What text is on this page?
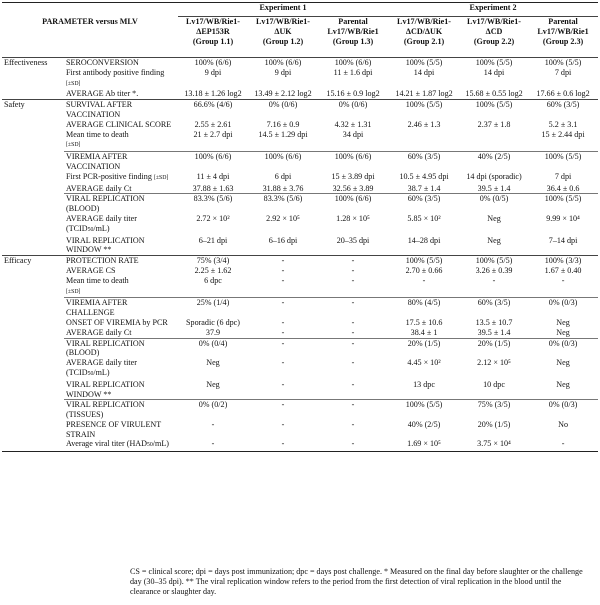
		Experiment 1			Experiment 2		
PARAMETER versus MLV		Lv17/WB/Rie1-
ΔEP153R
(Group 1.1)	Lv17/WB/Rie1-
ΔUK
(Group 1.2)	Parental
Lv17/WB/Rie1
(Group 1.3)	Lv17/WB/Rie1-
ΔCD/ΔUK
(Group 2.1)	Lv17/WB/Rie1-
ΔCD
(Group 2.2)	Parental
Lv17/WB/Rie1
(Group 2.3)
Effectiveness	SEROCONVERSION	100% (6/6)	100% (6/6)	100% (6/6)	100% (5/5)	100% (5/5)	100% (5/5)
	First antibody positive finding [±SD]	9 dpi	9 dpi	11 ± 1.6 dpi	14 dpi	14 dpi	7 dpi
	AVERAGE Ab titer *.	13.18 ± 1.26 log2	13.49 ± 2.12 log2	15.16 ± 0.9 log2	14.21 ± 1.87 log2	15.68 ± 0.55 log2	17.66 ± 0.6 log2
Safety	SURVIVAL AFTER VACCINATION	66.6% (4/6)	0% (0/6)	0% (0/6)	100% (5/5)	100% (5/5)	60% (3/5)
	AVERAGE CLINICAL SCORE	2.55 ± 2.61	7.16 ± 0.9	4.32 ± 1.31	2.46 ± 1.3	2.37 ± 1.8	5.2 ± 3.1
	Mean time to death
[±SD]	21 ± 2.7 dpi	14.5 ± 1.29 dpi	34 dpi			15 ± 2.44 dpi
	VIREMIA AFTER VACCINATION	100% (6/6)	100% (6/6)	100% (6/6)	60% (3/5)	40% (2/5)	100% (5/5)
	First PCR-positive finding [±SD]	11 ± 4 dpi	6 dpi	15 ± 3.89 dpi	10.5 ± 4.95 dpi	14 dpi (sporadic)	7 dpi
	AVERAGE daily Ct	37.88 ± 1.63	31.88 ± 3.76	32.56 ± 3.89	38.7 ± 1.4	39.5 ± 1.4	36.4 ± 0.6
	VIRAL REPLICATION (BLOOD)	83.3% (5/6)	83.3% (5/6)	100% (6/6)	60% (3/5)	0% (0/5)	100% (5/5)
	AVERAGE daily titer (TCID50/mL)	2.72 × 10²	2.92 × 10⁵	1.28 × 10⁵	5.85 × 10²	Neg	9.99 × 10⁴
	VIRAL REPLICATION WINDOW **	6–21 dpi	6–16 dpi	20–35 dpi	14–28 dpi	Neg	7–14 dpi
Efficacy	PROTECTION RATE	75% (3/4)	-	-	100% (5/5)	100% (5/5)	100% (3/3)
	AVERAGE CS	2.25 ± 1.62	-	-	2.70 ± 0.66	3.26 ± 0.39	1.67 ± 0.40
	Mean time to death
[±SD]	6 dpc	-	-	-	-	-
	VIREMIA AFTER CHALLENGE	25% (1/4)	-	-	80% (4/5)	60% (3/5)	0% (0/3)
	ONSET OF VIREMIA by PCR	Sporadic (6 dpc)	-	-	17.5 ± 10.6	13.5 ± 10.7	Neg
	AVERAGE daily Ct	37.9	-	-	38.4 ± 1	39.5 ± 1.4	Neg
	VIRAL REPLICATION (BLOOD)	0% (0/4)	-	-	20% (1/5)	20% (1/5)	0% (0/3)
	AVERAGE daily titer (TCID50/mL)	Neg	-	-	4.45 × 10²	2.12 × 10⁵	Neg
	VIRAL REPLICATION WINDOW **	Neg	-	-	13 dpc	10 dpc	Neg
	VIRAL REPLICATION (TISSUES)	0% (0/2)	-	-	100% (5/5)	75% (3/5)	0% (0/3)
	PRESENCE OF VIRULENT STRAIN	-	-	-	40% (2/5)	20% (1/5)	No
	Average viral titer (HAD50/mL)	-	-	-	1.69 × 10⁵	3.75 × 10⁴	-
CS = clinical score; dpi = days post immunization; dpc = days post challenge. * Measured on the final day before slaughter or the challenge day (30–35 dpi). ** The viral replication window refers to the period from the first detection of viral replication in the blood until the clearance or slaughter day.
